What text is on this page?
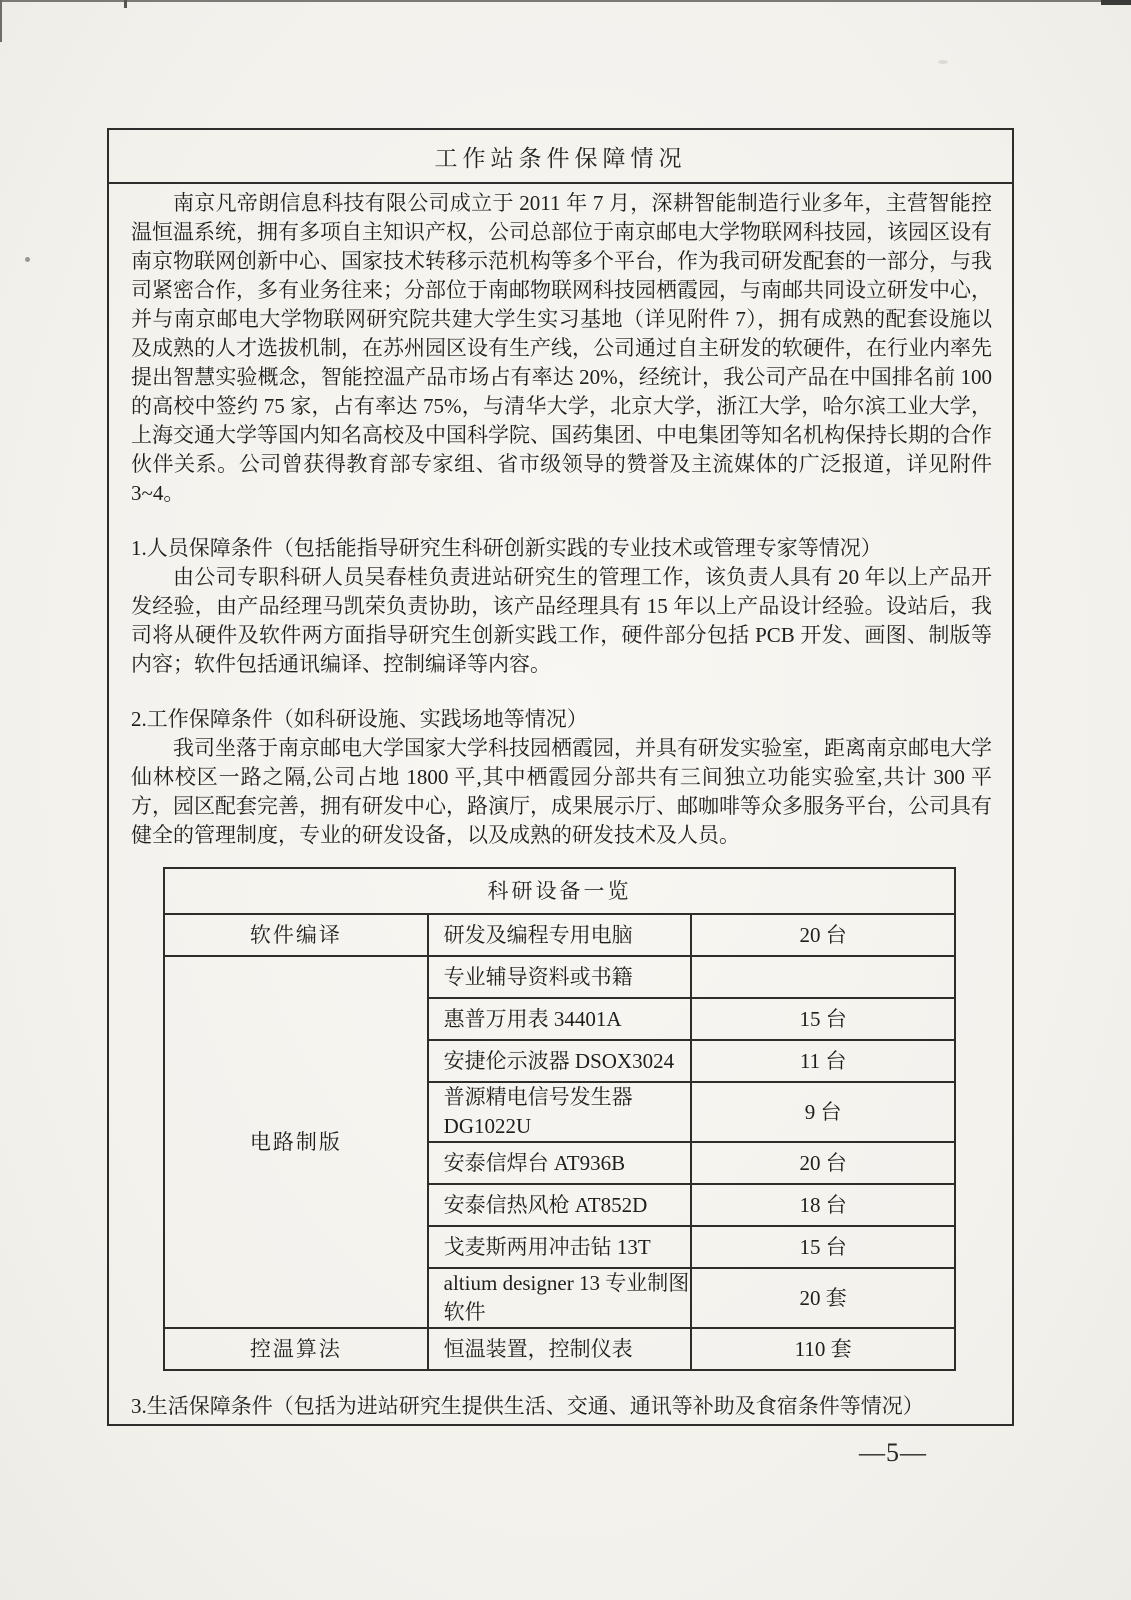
工作站条件保障情况

南京凡帝朗信息科技有限公司成立于 2011 年 7 月，深耕智能制造行业多年，主营智能控温恒温系统，拥有多项自主知识产权，公司总部位于南京邮电大学物联网科技园，该园区设有南京物联网创新中心、国家技术转移示范机构等多个平台，作为我司研发配套的一部分，与我司紧密合作，多有业务往来；分部位于南邮物联网科技园栖霞园，与南邮共同设立研发中心，并与南京邮电大学物联网研究院共建大学生实习基地（详见附件 7），拥有成熟的配套设施以及成熟的人才选拔机制，在苏州园区设有生产线，公司通过自主研发的软硬件，在行业内率先提出智慧实验概念，智能控温产品市场占有率达 20%，经统计，我公司产品在中国排名前 100 的高校中签约 75 家，占有率达 75%，与清华大学，北京大学，浙江大学，哈尔滨工业大学，上海交通大学等国内知名高校及中国科学院、国药集团、中电集团等知名机构保持长期的合作伙伴关系。公司曾获得教育部专家组、省市级领导的赞誉及主流媒体的广泛报道，详见附件 3~4。

1.人员保障条件（包括能指导研究生科研创新实践的专业技术或管理专家等情况）

由公司专职科研人员吴春桂负责进站研究生的管理工作，该负责人具有 20 年以上产品开发经验，由产品经理马凯荣负责协助，该产品经理具有 15 年以上产品设计经验。设站后，我司将从硬件及软件两方面指导研究生创新实践工作，硬件部分包括 PCB 开发、画图、制版等内容；软件包括通讯编译、控制编译等内容。

2.工作保障条件（如科研设施、实践场地等情况）

我司坐落于南京邮电大学国家大学科技园栖霞园，并具有研发实验室，距离南京邮电大学仙林校区一路之隔,公司占地 1800 平,其中栖霞园分部共有三间独立功能实验室,共计 300 平方，园区配套完善，拥有研发中心，路演厅，成果展示厅、邮咖啡等众多服务平台，公司具有健全的管理制度，专业的研发设备，以及成熟的研发技术及人员。

科研设备一览		
软件编译	研发及编程专用电脑	20 台
电路制版	专业辅导资料或书籍	
	惠普万用表 34401A	15 台
	安捷伦示波器 DSOX3024	11 台
	普源精电信号发生器 DG1022U	9 台
	安泰信焊台 AT936B	20 台
	安泰信热风枪 AT852D	18 台
	戈麦斯两用冲击钻 13T	15 台
	altium designer 13 专业制图软件	20 套
控温算法	恒温装置，控制仪表	110 套

3.生活保障条件（包括为进站研究生提供生活、交通、通讯等补助及食宿条件等情况）

—5—
